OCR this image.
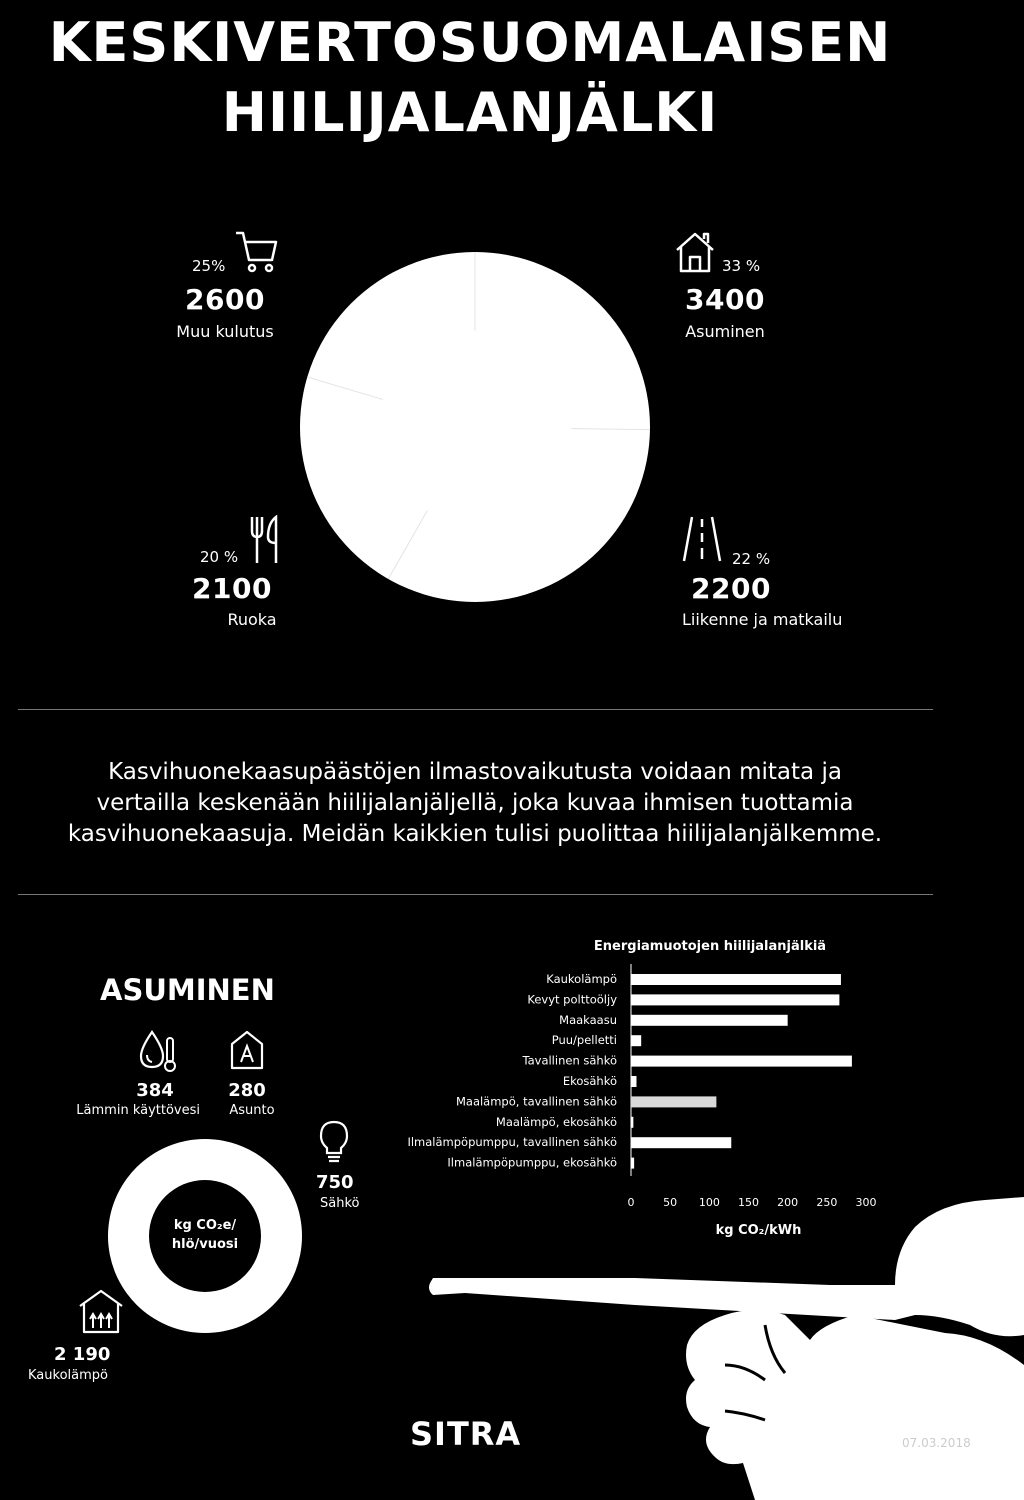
KESKIVERTOSUOMALAISEN
HIILIJALANJÄLKI
25%
2600
Muu kulutus
33 %
3400
Asuminen
20 %
2100
Ruoka
22 %
2200
Liikenne ja matkailu
Kasvihuonekaasupäästöjen ilmastovaikutusta voidaan mitata ja
vertailla keskenään hiilijalanjäljellä, joka kuvaa ihmisen tuottamia
kasvihuonekaasuja. Meidän kaikkien tulisi puolittaa hiilijalanjälkemme.
ASUMINEN
384
Lämmin käyttövesi
280
Asunto
750
Sähkö
2 190
Kaukolämpö
kg CO₂e/
hlö/vuosi
Energiamuotojen hiilijalanjälkiä
Kaukolämpö
Kevyt polttoöljy
Maakaasu
Puu/pelletti
Tavallinen sähkö
Ekosähkö
Maalämpö, tavallinen sähkö
Maalämpö, ekosähkö
Ilmalämpöpumppu, tavallinen sähkö
Ilmalämpöpumppu, ekosähkö
0	50 100 150 200 250 300
kg CO₂/kWh
SITRA	07.03.2018
